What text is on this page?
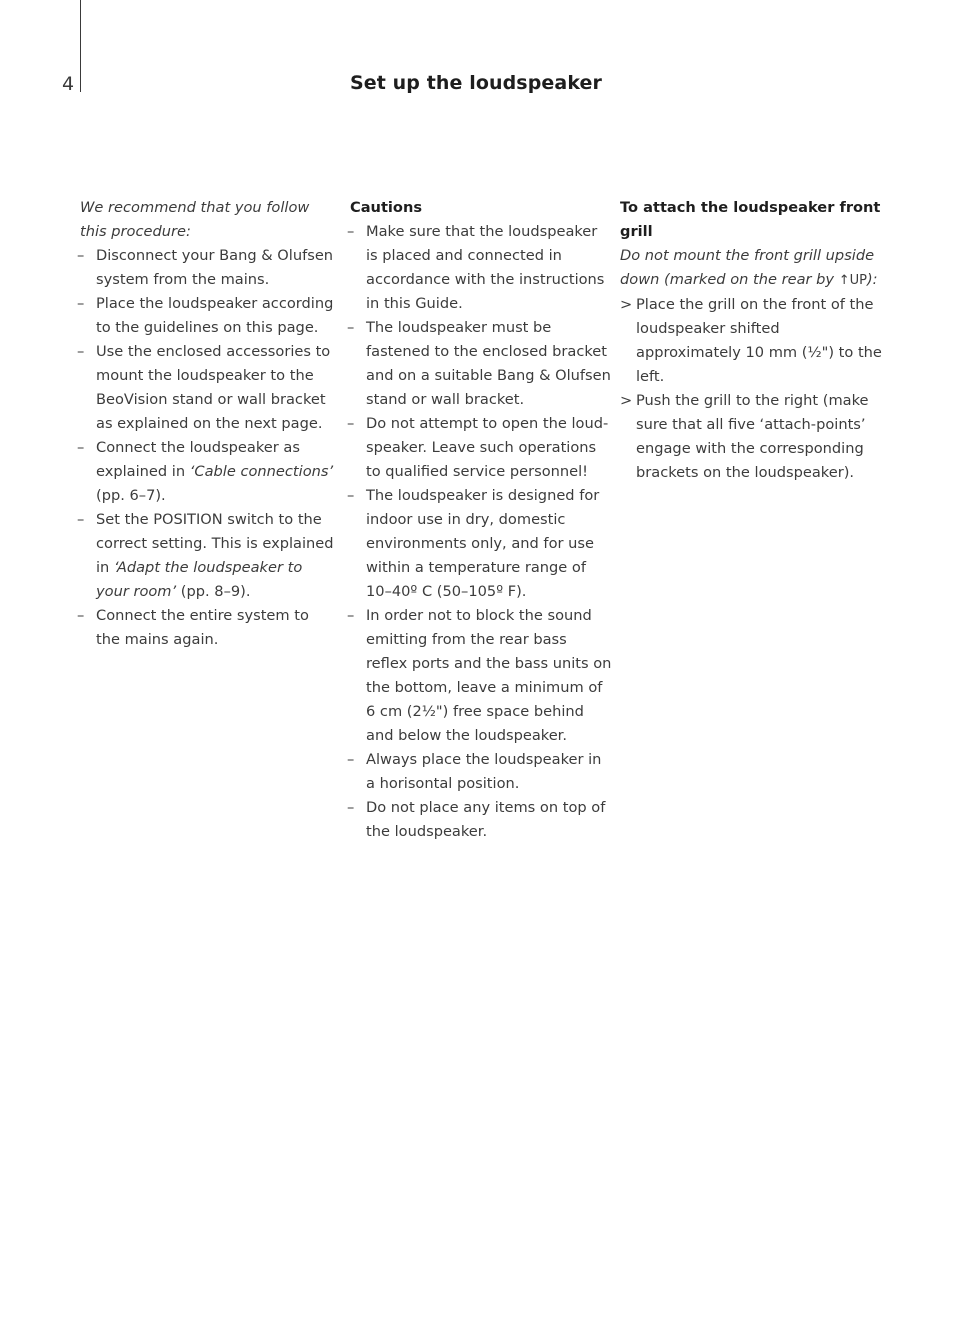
4	Set up the loudspeaker
We recommend that you follow this procedure:
– Disconnect your Bang & Olufsen system from the mains.
– Place the loudspeaker according to the guidelines on this page.
– Use the enclosed accessories to mount the loudspeaker to the BeoVision stand or wall bracket as explained on the next page.
– Connect the loudspeaker as explained in ‘Cable connections’ (pp. 6–7).
– Set the POSITION switch to the correct setting. This is explained in ‘Adapt the loudspeaker to your room’ (pp. 8–9).
– Connect the entire system to the mains again.
Cautions
– Make sure that the loudspeaker is placed and connected in accordance with the instructions in this Guide.
– The loudspeaker must be fastened to the enclosed bracket and on a suitable Bang & Olufsen stand or wall bracket.
– Do not attempt to open the loud-speaker. Leave such operations to qualified service personnel!
– The loudspeaker is designed for indoor use in dry, domestic environments only, and for use within a temperature range of 10–40º C (50–105º F).
– In order not to block the sound emitting from the rear bass reflex ports and the bass units on the bottom, leave a minimum of 6 cm (2½") free space behind and below the loudspeaker.
– Always place the loudspeaker in a horisontal position.
– Do not place any items on top of the loudspeaker.
To attach the loudspeaker front grill
Do not mount the front grill upside down (marked on the rear by ↑UP):
> Place the grill on the front of the loudspeaker shifted approximately 10 mm (½") to the left.
> Push the grill to the right (make sure that all five ‘attach-points’ engage with the corresponding brackets on the loudspeaker).
